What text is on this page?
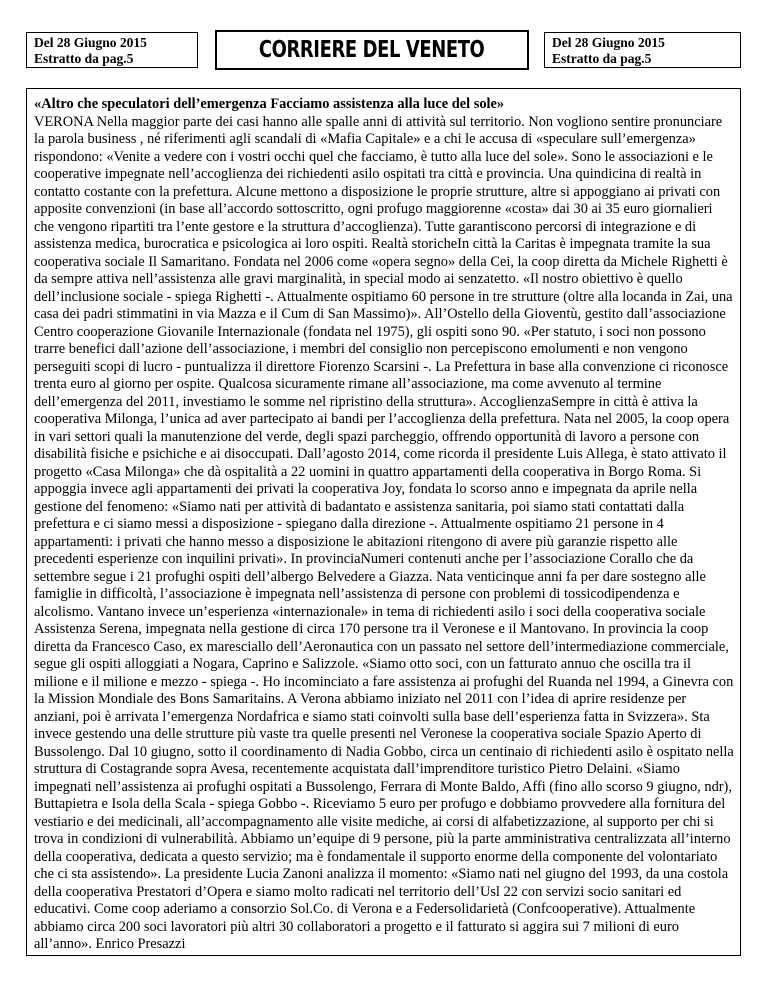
Del 28 Giugno 2015
Estratto da pag.5	CORRIERE DEL VENETO	Del 28 Giugno 2015
Estratto da pag.5
«Altro che speculatori dell’emergenza Facciamo assistenza alla luce del sole»
VERONA Nella maggior parte dei casi hanno alle spalle anni di attività sul territorio. Non vogliono sentire pronunciare la parola business , né riferimenti agli scandali di «Mafia Capitale» e a chi le accusa di «speculare sull’emergenza» rispondono: «Venite a vedere con i vostri occhi quel che facciamo, è tutto alla luce del sole». Sono le associazioni e le cooperative impegnate nell’accoglienza dei richiedenti asilo ospitati tra città e provincia. Una quindicina di realtà in contatto costante con la prefettura. Alcune mettono a disposizione le proprie strutture, altre si appoggiano ai privati con apposite convenzioni (in base all’accordo sottoscritto, ogni profugo maggiorenne «costa» dai 30 ai 35 euro giornalieri che vengono ripartiti tra l’ente gestore e la struttura d’accoglienza). Tutte garantiscono percorsi di integrazione e di assistenza medica, burocratica e psicologica ai loro ospiti. Realtà storicheIn città la Caritas è impegnata tramite la sua cooperativa sociale Il Samaritano. Fondata nel 2006 come «opera segno» della Cei, la coop diretta da Michele Righetti è da sempre attiva nell’assistenza alle gravi marginalità, in special modo ai senzatetto. «Il nostro obiettivo è quello dell’inclusione sociale - spiega Righetti -. Attualmente ospitiamo 60 persone in tre strutture (oltre alla locanda in Zai, una casa dei padri stimmatini in via Mazza e il Cum di San Massimo)». All’Ostello della Gioventù, gestito dall’associazione Centro cooperazione Giovanile Internazionale (fondata nel 1975), gli ospiti sono 90. «Per statuto, i soci non possono trarre benefici dall’azione dell’associazione, i membri del consiglio non percepiscono emolumenti e non vengono perseguiti scopi di lucro - puntualizza il direttore Fiorenzo Scarsini -. La Prefettura in base alla convenzione ci riconosce trenta euro al giorno per ospite. Qualcosa sicuramente rimane all’associazione, ma come avvenuto al termine dell’emergenza del 2011, investiamo le somme nel ripristino della struttura». AccoglienzaSempre in città è attiva la cooperativa Milonga, l’unica ad aver partecipato ai bandi per l’accoglienza della prefettura. Nata nel 2005, la coop opera in vari settori quali la manutenzione del verde, degli spazi parcheggio, offrendo opportunità di lavoro a persone con disabilità fisiche e psichiche e ai disoccupati. Dall’agosto 2014, come ricorda il presidente Luis Allega, è stato attivato il progetto «Casa Milonga» che dà ospitalità a 22 uomini in quattro appartamenti della cooperativa in Borgo Roma. Si appoggia invece agli appartamenti dei privati la cooperativa Joy, fondata lo scorso anno e impegnata da aprile nella gestione del fenomeno: «Siamo nati per attività di badantato e assistenza sanitaria, poi siamo stati contattati dalla prefettura e ci siamo messi a disposizione - spiegano dalla direzione -. Attualmente ospitiamo 21 persone in 4 appartamenti: i privati che hanno messo a disposizione le abitazioni ritengono di avere più garanzie rispetto alle precedenti esperienze con inquilini privati». In provinciaNumeri contenuti anche per l’associazione Corallo che da settembre segue i 21 profughi ospiti dell’albergo Belvedere a Giazza. Nata venticinque anni fa per dare sostegno alle famiglie in difficoltà, l’associazione è impegnata nell’assistenza di persone con problemi di tossicodipendenza e alcolismo. Vantano invece un’esperienza «internazionale» in tema di richiedenti asilo i soci della cooperativa sociale Assistenza Serena, impegnata nella gestione di circa 170 persone tra il Veronese e il Mantovano. In provincia la coop diretta da Francesco Caso, ex maresciallo dell’Aeronautica con un passato nel settore dell’intermediazione commerciale, segue gli ospiti alloggiati a Nogara, Caprino e Salizzole. «Siamo otto soci, con un fatturato annuo che oscilla tra il milione e il milione e mezzo - spiega -. Ho incominciato a fare assistenza ai profughi del Ruanda nel 1994, a Ginevra con la Mission Mondiale des Bons Samaritains. A Verona abbiamo iniziato nel 2011 con l’idea di aprire residenze per anziani, poi è arrivata l’emergenza Nordafrica e siamo stati coinvolti sulla base dell’esperienza fatta in Svizzera». Sta invece gestendo una delle strutture più vaste tra quelle presenti nel Veronese la cooperativa sociale Spazio Aperto di Bussolengo. Dal 10 giugno, sotto il coordinamento di Nadia Gobbo, circa un centinaio di richiedenti asilo è ospitato nella struttura di Costagrande sopra Avesa, recentemente acquistata dall’imprenditore turistico Pietro Delaini. «Siamo impegnati nell’assistenza ai profughi ospitati a Bussolengo, Ferrara di Monte Baldo, Affi (fino allo scorso 9 giugno, ndr), Buttapietra e Isola della Scala - spiega Gobbo -. Riceviamo 5 euro per profugo e dobbiamo provvedere alla fornitura del vestiario e dei medicinali, all’accompagnamento alle visite mediche, ai corsi di alfabetizzazione, al supporto per chi si trova in condizioni di vulnerabilità. Abbiamo un’equipe di 9 persone, più la parte amministrativa centralizzata all’interno della cooperativa, dedicata a questo servizio; ma è fondamentale il supporto enorme della componente del volontariato che ci sta assistendo». La presidente Lucia Zanoni analizza il momento: «Siamo nati nel giugno del 1993, da una costola della cooperativa Prestatori d’Opera e siamo molto radicati nel territorio dell’Usl 22 con servizi socio sanitari ed educativi. Come coop aderiamo a consorzio Sol.Co. di Verona e a Federsolidarietà (Confcooperative). Attualmente abbiamo circa 200 soci lavoratori più altri 30 collaboratori a progetto e il fatturato si aggira sui 7 milioni di euro all’anno». Enrico Presazzi
